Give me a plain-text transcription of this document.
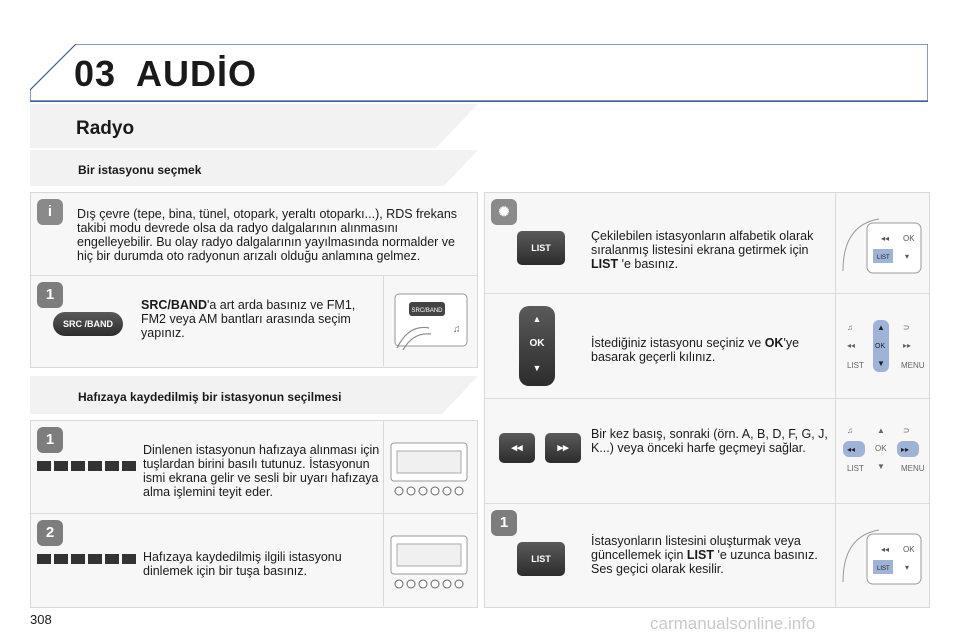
03 AUDİO
Radyo
Bir istasyonu seçmek
i	Dış çevre (tepe, bina, tünel, otopark, yeraltı otoparkı...), RDS frekans takibi modu devrede olsa da radyo dalgalarının alınmasını engelleyebilir. Bu olay radyo dalgalarının yayılmasında normalder ve hiç bir durumda oto radyonun arızalı olduğu anlamına gelmez.
1
SRC /BAND
SRC/BAND'a art arda basınız ve FM1, FM2 veya AM bantları arasında seçim yapınız.
SRC/BAND
♫
Hafızaya kaydedilmiş bir istasyonun seçilmesi
1
Dinlenen istasyonun hafızaya alınması için tuşlardan birini basılı tutunuz. İstasyonun ismi ekrana gelir ve sesli bir uyarı hafızaya alma işlemini teyit eder.
2
Hafızaya kaydedilmiş ilgili istasyonu dinlemek için bir tuşa basınız.
✺
LIST
Çekilebilen istasyonların alfabetik olarak sıralanmış listesini ekrana getirmek için LIST 'e basınız.
◂◂ OK
LIST ▾
▲
OK
▼
İstediğiniz istasyonu seçiniz ve OK'ye basarak geçerli kılınız.
♫	⊃
◂◂	▸▸
LIST	MENU
▲
OK
▼
◂◂	▸▸
Bir kez basış, sonraki (örn. A, B, D, F, G, J, K...) veya önceki harfe geçmeyi sağlar.
♫	▲ ⊃
OK
▼
LIST	MENU
◂◂	▸▸
1
LIST
İstasyonların listesini oluşturmak veya güncellemek için LIST 'e uzunca basınız. Ses geçici olarak kesilir.
◂◂ OK
LIST ▾
308	carmanualsonline.info
